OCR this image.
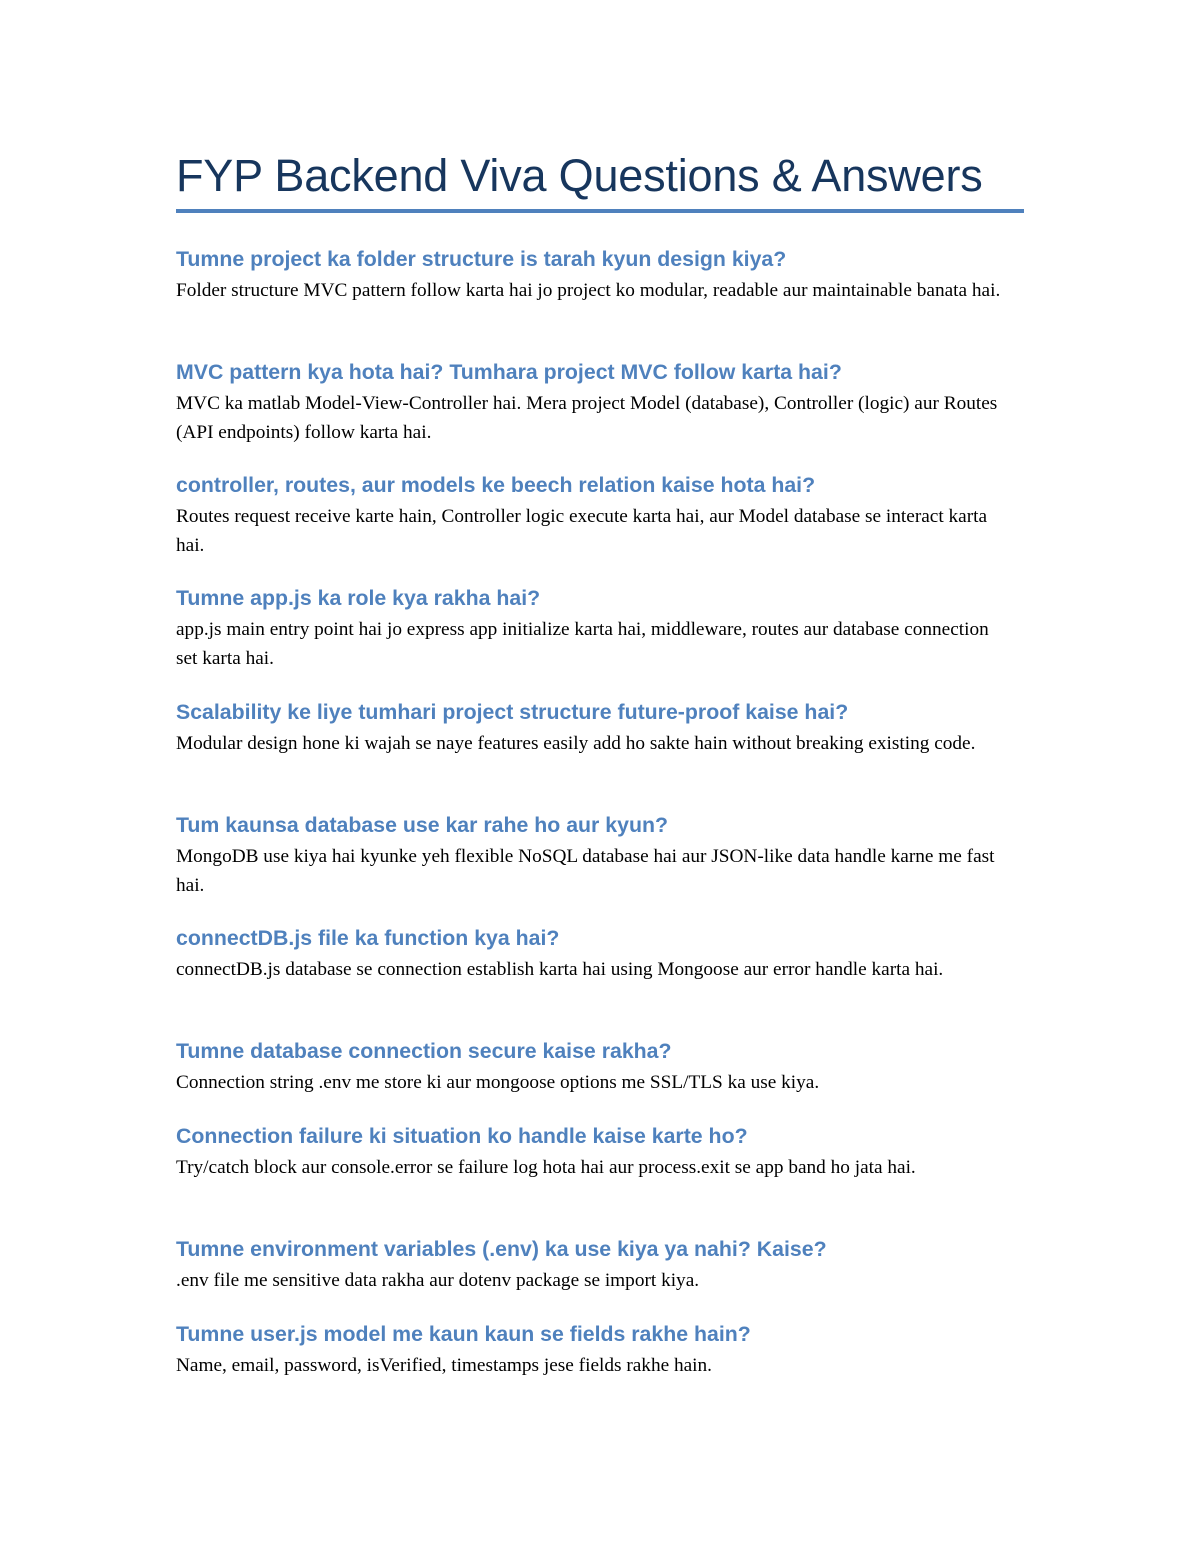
FYP Backend Viva Questions & Answers

Tumne project ka folder structure is tarah kyun design kiya?

Folder structure MVC pattern follow karta hai jo project ko modular, readable aur maintainable banata hai.

MVC pattern kya hota hai? Tumhara project MVC follow karta hai?

MVC ka matlab Model-View-Controller hai. Mera project Model (database), Controller (logic) aur Routes (API endpoints) follow karta hai.

controller, routes, aur models ke beech relation kaise hota hai?

Routes request receive karte hain, Controller logic execute karta hai, aur Model database se interact karta hai.

Tumne app.js ka role kya rakha hai?

app.js main entry point hai jo express app initialize karta hai, middleware, routes aur database connection set karta hai.

Scalability ke liye tumhari project structure future-proof kaise hai?

Modular design hone ki wajah se naye features easily add ho sakte hain without breaking existing code.

Tum kaunsa database use kar rahe ho aur kyun?

MongoDB use kiya hai kyunke yeh flexible NoSQL database hai aur JSON-like data handle karne me fast hai.

connectDB.js file ka function kya hai?

connectDB.js database se connection establish karta hai using Mongoose aur error handle karta hai.

Tumne database connection secure kaise rakha?

Connection string .env me store ki aur mongoose options me SSL/TLS ka use kiya.

Connection failure ki situation ko handle kaise karte ho?

Try/catch block aur console.error se failure log hota hai aur process.exit se app band ho jata hai.

Tumne environment variables (.env) ka use kiya ya nahi? Kaise?

.env file me sensitive data rakha aur dotenv package se import kiya.

Tumne user.js model me kaun kaun se fields rakhe hain?

Name, email, password, isVerified, timestamps jese fields rakhe hain.
